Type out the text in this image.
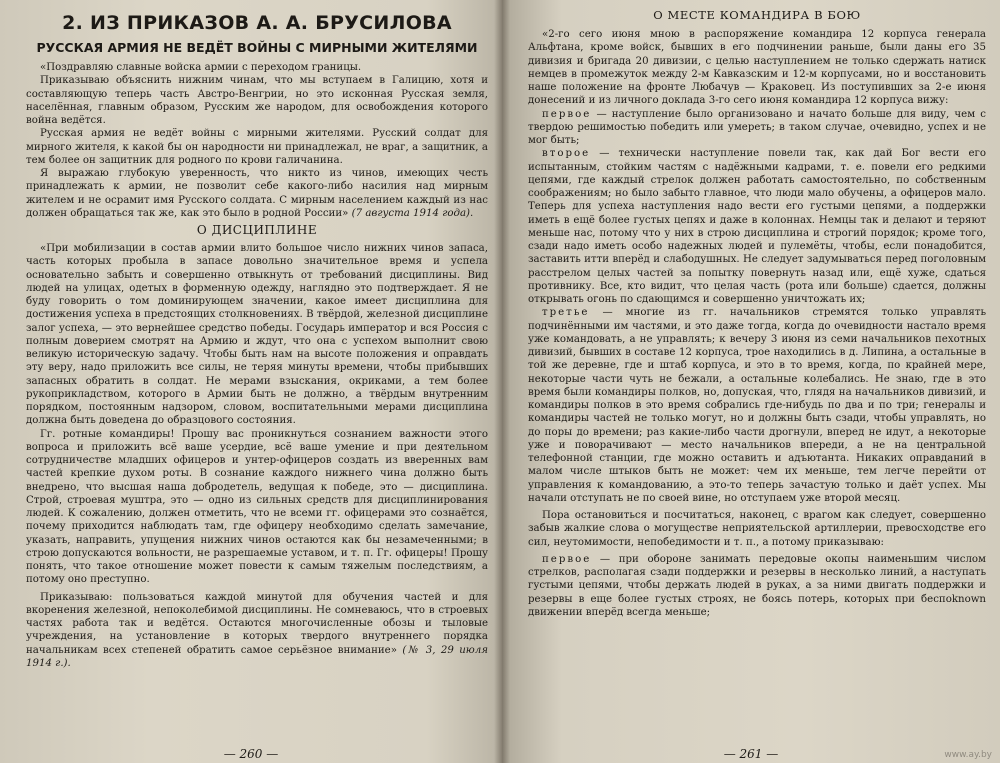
2. ИЗ ПРИКАЗОВ А. А. БРУСИЛОВА
РУССКАЯ АРМИЯ НЕ ВЕДЁТ ВОЙНЫ С МИРНЫМИ ЖИТЕЛЯМИ

«Поздравляю славные войска армии с переходом границы.

Приказываю объяснить нижним чинам, что мы вступаем в Галицию, хотя и составляющую теперь часть Австро-Венгрии, но это исконная Русская земля, населённая, главным образом, Русским же народом, для освобождения которого война ведётся.

Русская армия не ведёт войны с мирными жителями. Русский солдат для мирного жителя, к какой бы он народности ни принадлежал, не враг, а защитник, а тем более он защитник для родного по крови галичанина.

Я выражаю глубокую уверенность, что никто из чинов, имеющих честь принадлежать к армии, не позволит себе какого-либо насилия над мирным жителем и не осрамит имя Русского солдата. С мирным населением каждый из нас должен обращаться так же, как это было в родной России» (7 августа 1914 года).

О ДИСЦИПЛИНЕ

«При мобилизации в состав армии влито большое число нижних чинов запаса, часть которых пробыла в запасе довольно значительное время и успела основательно забыть и совершенно отвыкнуть от требований дисциплины. Вид людей на улицах, одетых в форменную одежду, наглядно это подтверждает. Я не буду говорить о том доминирующем значении, какое имеет дисциплина для достижения успеха в предстоящих столкновениях. В твёрдой, железной дисциплине залог успеха, — это вернейшее средство победы. Государь император и вся Россия с полным доверием смотрят на Армию и ждут, что она с успехом выполнит свою великую историческую задачу. Чтобы быть нам на высоте положения и оправдать эту веру, надо приложить все силы, не теряя минуты времени, чтобы прибывших запасных обратить в солдат. Не мерами взыскания, окриками, а тем более рукоприкладством, которого в Армии быть не должно, а твёрдым внутренним порядком, постоянным надзором, словом, воспитательными мерами дисциплина должна быть доведена до образцового состояния.

Гг. ротные командиры! Прошу вас проникнуться сознанием важности этого вопроса и приложить всё ваше усердие, всё ваше умение и при деятельном сотрудничестве младших офицеров и унтер-офицеров создать из вверенных вам частей крепкие духом роты. В сознание каждого нижнего чина должно быть внедрено, что высшая наша добродетель, ведущая к победе, это — дисциплина. Строй, строевая муштра, это — одно из сильных средств для дисциплинирования людей. К сожалению, должен отметить, что не всеми гг. офицерами это сознаётся, почему приходится наблюдать там, где офицеру необходимо сделать замечание, указать, направить, упущения нижних чинов остаются как бы незамеченными; в строю допускаются вольности, не разрешаемые уставом, и т. п. Гг. офицеры! Прошу понять, что такое отношение может повести к самым тяжелым последствиям, а потому оно преступно.

Приказываю: пользоваться каждой минутой для обучения частей и для вкоренения железной, непоколебимой дисциплины. Не сомневаюсь, что в строевых частях работа так и ведётся. Остаются многочисленные обозы и тыловые учреждения, на установление в которых твердого внутреннего порядка начальникам всех степеней обратить самое серьёзное внимание» (№ 3, 29 июля 1914 г.).

— 260 —
О МЕСТЕ КОМАНДИРА В БОЮ

«2-го сего июня мною в распоряжение командира 12 корпуса генерала Альфтана, кроме войск, бывших в его подчинении раньше, были даны его 35 дивизия и бригада 20 дивизии, с целью наступлением не только сдержать натиск немцев в промежуток между 2-м Кавказским и 12-м корпусами, но и восстановить наше положение на фронте Любачув — Краковец. Из поступивших за 2-е июня донесений и из личного доклада 3-го сего июня командира 12 корпуса вижу:

первое — наступление было организовано и начато больше для виду, чем с твердою решимостью победить или умереть; в таком случае, очевидно, успех и не мог быть;

второе — технически наступление повели так, как дай Бог вести его испытанным, стойким частям с надёжными кадрами, т. е. повели его редкими цепями, где каждый стрелок должен работать самостоятельно, по собственным соображениям; но было забыто главное, что люди мало обучены, а офицеров мало. Теперь для успеха наступления надо вести его густыми цепями, а поддержки иметь в ещё более густых цепях и даже в колоннах. Немцы так и делают и теряют меньше нас, потому что у них в строю дисциплина и строгий порядок; кроме того, сзади надо иметь особо надежных людей и пулемёты, чтобы, если понадобится, заставить итти вперёд и слабодушных. Не следует задумываться перед поголовным расстрелом целых частей за попытку повернуть назад или, ещё хуже, сдаться противнику. Все, кто видит, что целая часть (рота или больше) сдается, должны открывать огонь по сдающимся и совершенно уничтожать их;

третье — многие из гг. начальников стремятся только управлять подчинёнными им частями, и это даже тогда, когда до очевидности настало время уже командовать, а не управлять; к вечеру 3 июня из семи начальников пехотных дивизий, бывших в составе 12 корпуса, трое находились в д. Липина, а остальные в той же деревне, где и штаб корпуса, и это в то время, когда, по крайней мере, некоторые части чуть не бежали, а остальные колебались. Не знаю, где в это время были командиры полков, но, допуская, что, глядя на начальников дивизий, и командиры полков в это время собрались где-нибудь по два и по три; генералы и командиры частей не только могут, но и должны быть сзади, чтобы управлять, но до поры до времени; раз какие-либо части дрогнули, вперед не идут, а некоторые уже и поворачивают — место начальников впереди, а не на центральной телефонной станции, где можно оставить и адъютанта. Никаких оправданий в малом числе штыков быть не может: чем их меньше, тем легче перейти от управления к командованию, а это-то теперь зачастую только и даёт успех. Мы начали отступать не по своей вине, но отступаем уже второй месяц.

Пора остановиться и посчитаться, наконец, с врагом как следует, совершенно забыв жалкие слова о могуществе неприятельской артиллерии, превосходстве его сил, неутомимости, непобедимости и т. п., а потому приказываю:

первое — при обороне занимать передовые окопы наименьшим числом стрелков, располагая сзади поддержки и резервы в несколько линий, а наступать густыми цепями, чтобы держать людей в руках, а за ними двигать поддержки и резервы в еще более густых строях, не боясь потерь, которых при беспоknown движении вперёд всегда меньше;

— 261 —	www.ay.by
